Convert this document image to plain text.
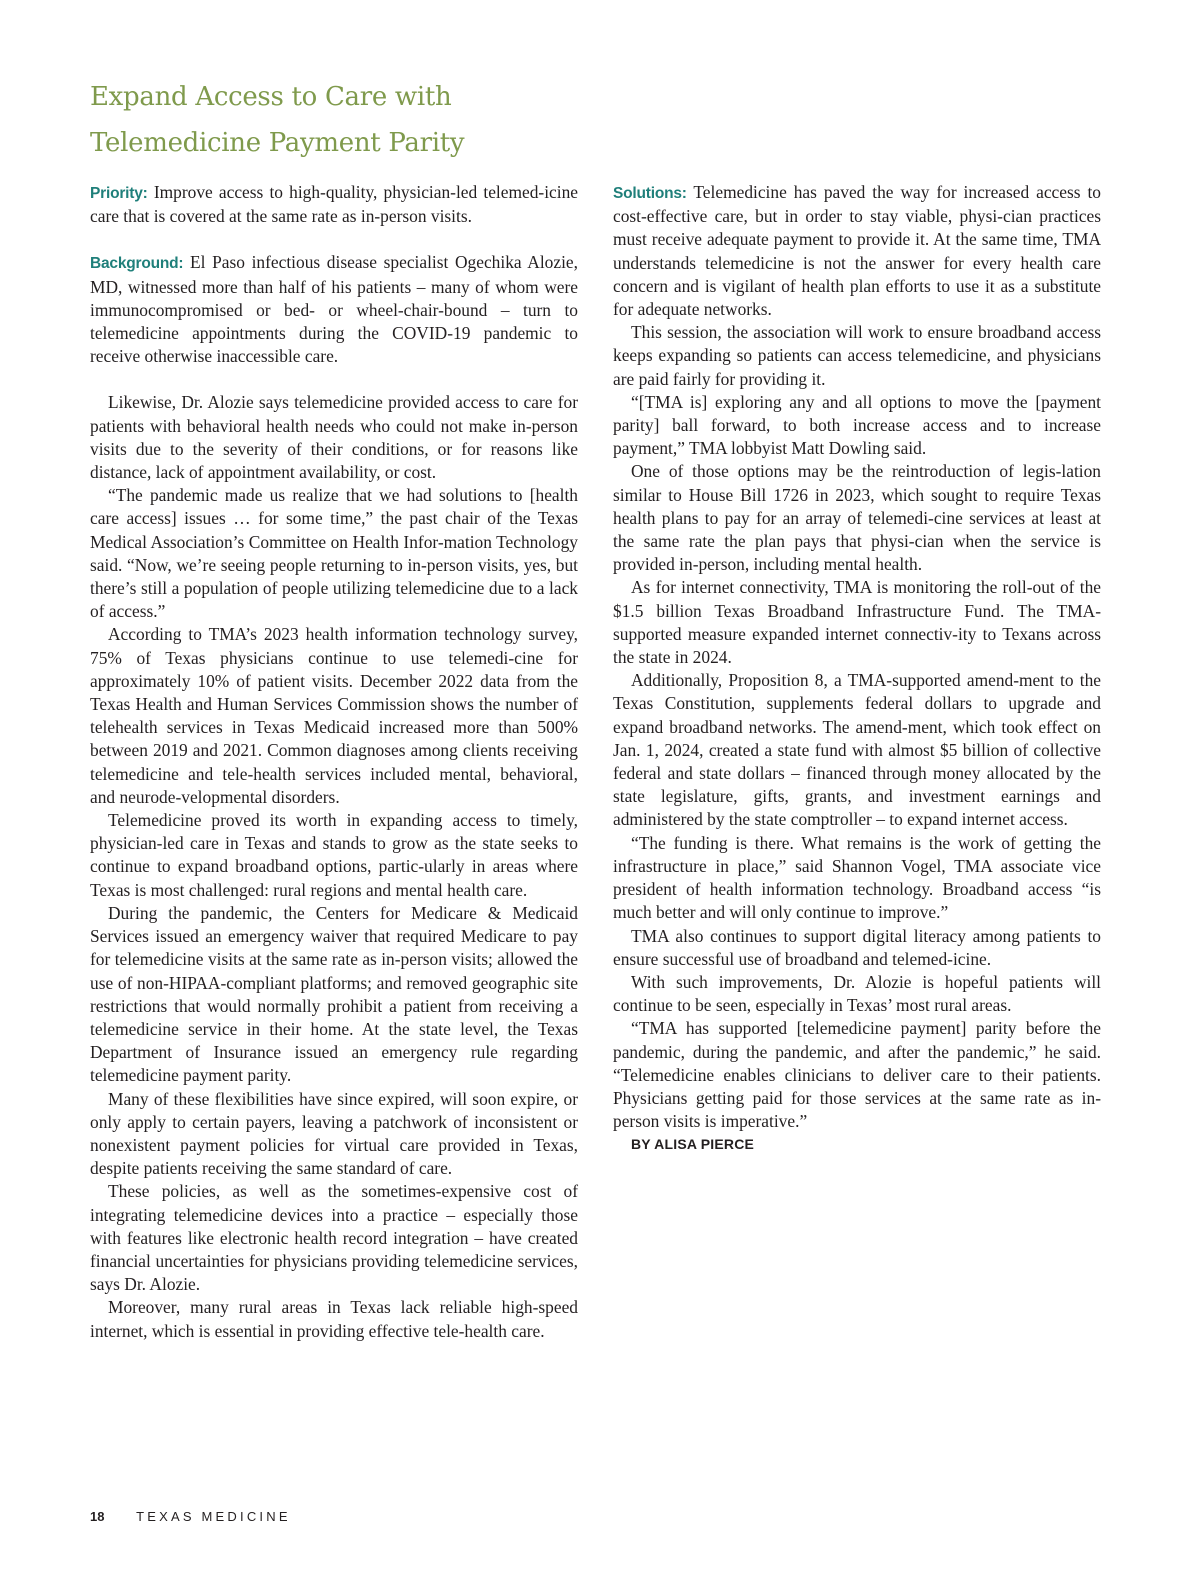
Expand Access to Care with
Telemedicine Payment Parity

Priority: Improve access to high-quality, physician-led telemed-icine care that is covered at the same rate as in-person visits.

Background: El Paso infectious disease specialist Ogechika Alozie, MD, witnessed more than half of his patients – many of whom were immunocompromised or bed- or wheel-chair-bound – turn to telemedicine appointments during the COVID-19 pandemic to receive otherwise inaccessible care.

Likewise, Dr. Alozie says telemedicine provided access to care for patients with behavioral health needs who could not make in-person visits due to the severity of their conditions, or for reasons like distance, lack of appointment availability, or cost.

“The pandemic made us realize that we had solutions to [health care access] issues … for some time,” the past chair of the Texas Medical Association’s Committee on Health Infor-mation Technology said. “Now, we’re seeing people returning to in-person visits, yes, but there’s still a population of people utilizing telemedicine due to a lack of access.”

According to TMA’s 2023 health information technology survey, 75% of Texas physicians continue to use telemedi-cine for approximately 10% of patient visits. December 2022 data from the Texas Health and Human Services Commission shows the number of telehealth services in Texas Medicaid increased more than 500% between 2019 and 2021. Common diagnoses among clients receiving telemedicine and tele-health services included mental, behavioral, and neurode-velopmental disorders.

Telemedicine proved its worth in expanding access to timely, physician-led care in Texas and stands to grow as the state seeks to continue to expand broadband options, partic-ularly in areas where Texas is most challenged: rural regions and mental health care.

During the pandemic, the Centers for Medicare & Medicaid Services issued an emergency waiver that required Medicare to pay for telemedicine visits at the same rate as in-person visits; allowed the use of non-HIPAA-compliant platforms; and removed geographic site restrictions that would normally prohibit a patient from receiving a telemedicine service in their home. At the state level, the Texas Department of Insurance issued an emergency rule regarding telemedicine payment parity.

Many of these flexibilities have since expired, will soon expire, or only apply to certain payers, leaving a patchwork of inconsistent or nonexistent payment policies for virtual care provided in Texas, despite patients receiving the same standard of care.

These policies, as well as the sometimes-expensive cost of integrating telemedicine devices into a practice – especially those with features like electronic health record integration – have created financial uncertainties for physicians providing telemedicine services, says Dr. Alozie.

Moreover, many rural areas in Texas lack reliable high-speed internet, which is essential in providing effective tele-health care.

Solutions: Telemedicine has paved the way for increased access to cost-effective care, but in order to stay viable, physi-cian practices must receive adequate payment to provide it. At the same time, TMA understands telemedicine is not the answer for every health care concern and is vigilant of health plan efforts to use it as a substitute for adequate networks.

This session, the association will work to ensure broadband access keeps expanding so patients can access telemedicine, and physicians are paid fairly for providing it.

“[TMA is] exploring any and all options to move the [payment parity] ball forward, to both increase access and to increase payment,” TMA lobbyist Matt Dowling said.

One of those options may be the reintroduction of legis-lation similar to House Bill 1726 in 2023, which sought to require Texas health plans to pay for an array of telemedi-cine services at least at the same rate the plan pays that physi-cian when the service is provided in-person, including mental health.

As for internet connectivity, TMA is monitoring the roll-out of the $1.5 billion Texas Broadband Infrastructure Fund. The TMA-supported measure expanded internet connectiv-ity to Texans across the state in 2024.

Additionally, Proposition 8, a TMA-supported amend-ment to the Texas Constitution, supplements federal dollars to upgrade and expand broadband networks. The amend-ment, which took effect on Jan. 1, 2024, created a state fund with almost $5 billion of collective federal and state dollars – financed through money allocated by the state legislature, gifts, grants, and investment earnings and administered by the state comptroller – to expand internet access.

“The funding is there. What remains is the work of getting the infrastructure in place,” said Shannon Vogel, TMA associate vice president of health information technology. Broadband access “is much better and will only continue to improve.”

TMA also continues to support digital literacy among patients to ensure successful use of broadband and telemed-icine.

With such improvements, Dr. Alozie is hopeful patients will continue to be seen, especially in Texas’ most rural areas.

“TMA has supported [telemedicine payment] parity before the pandemic, during the pandemic, and after the pandemic,” he said. “Telemedicine enables clinicians to deliver care to their patients. Physicians getting paid for those services at the same rate as in-person visits is imperative.”

BY ALISA PIERCE

18 TEXAS MEDICINE
